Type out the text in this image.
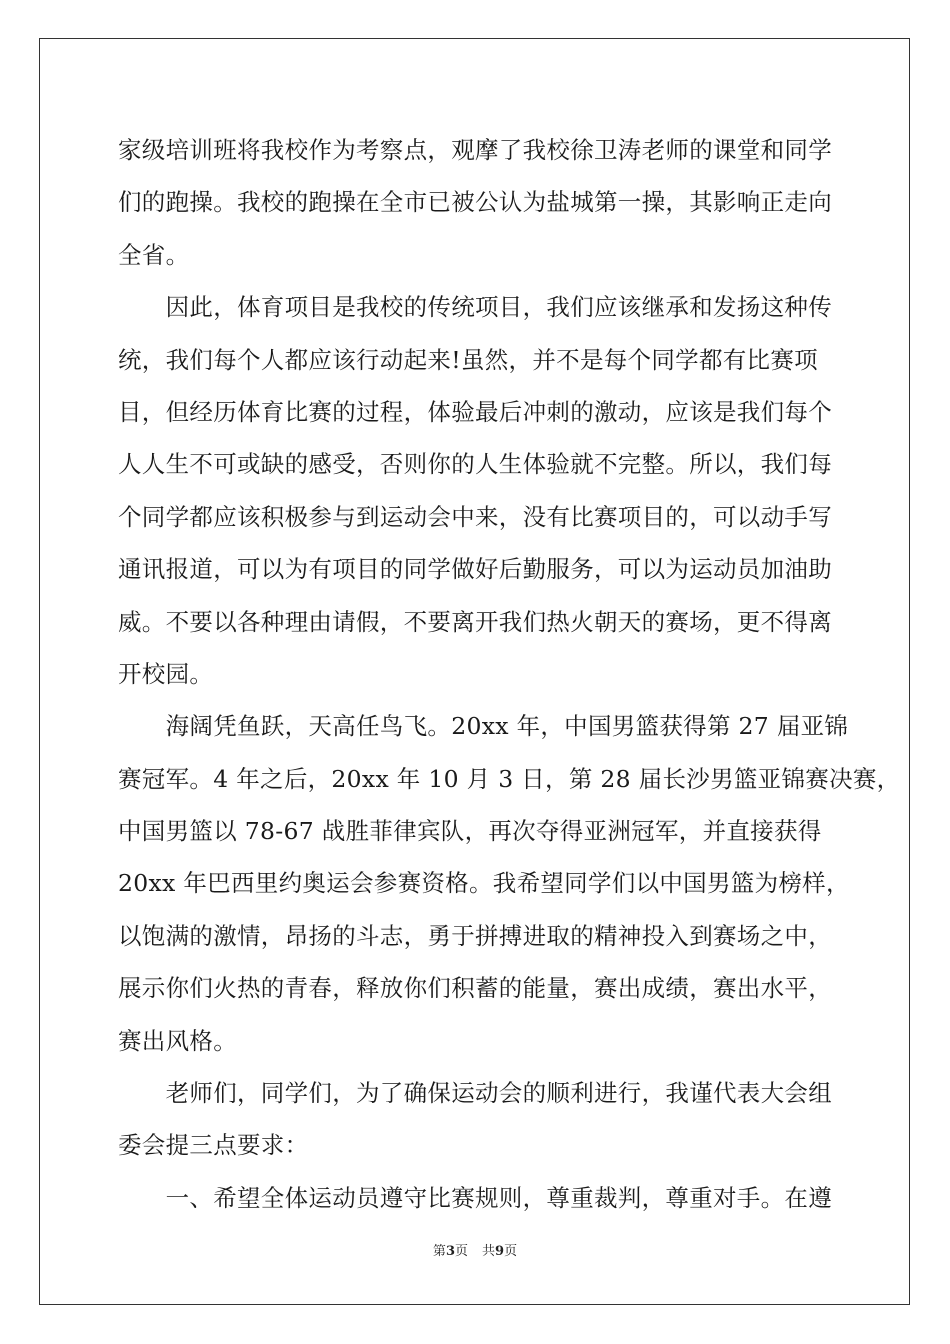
家级培训班将我校作为考察点，观摩了我校徐卫涛老师的课堂和同学
们的跑操。我校的跑操在全市已被公认为盐城第一操，其影响正走向
全省。
　　因此，体育项目是我校的传统项目，我们应该继承和发扬这种传
统，我们每个人都应该行动起来!虽然，并不是每个同学都有比赛项
目，但经历体育比赛的过程，体验最后冲刺的激动，应该是我们每个
人人生不可或缺的感受，否则你的人生体验就不完整。所以，我们每
个同学都应该积极参与到运动会中来，没有比赛项目的，可以动手写
通讯报道，可以为有项目的同学做好后勤服务，可以为运动员加油助
威。不要以各种理由请假，不要离开我们热火朝天的赛场，更不得离
开校园。
　　海阔凭鱼跃，天高任鸟飞。20xx 年，中国男篮获得第 27 届亚锦
赛冠军。4 年之后，20xx 年 10 月 3 日，第 28 届长沙男篮亚锦赛决赛，
中国男篮以 78-67 战胜菲律宾队，再次夺得亚洲冠军，并直接获得
20xx 年巴西里约奥运会参赛资格。我希望同学们以中国男篮为榜样，
以饱满的激情，昂扬的斗志，勇于拼搏进取的精神投入到赛场之中，
展示你们火热的青春，释放你们积蓄的能量，赛出成绩，赛出水平，
赛出风格。
　　老师们，同学们，为了确保运动会的顺利进行，我谨代表大会组
委会提三点要求：
　　一、希望全体运动员遵守比赛规则，尊重裁判，尊重对手。在遵
第3页 共9页
